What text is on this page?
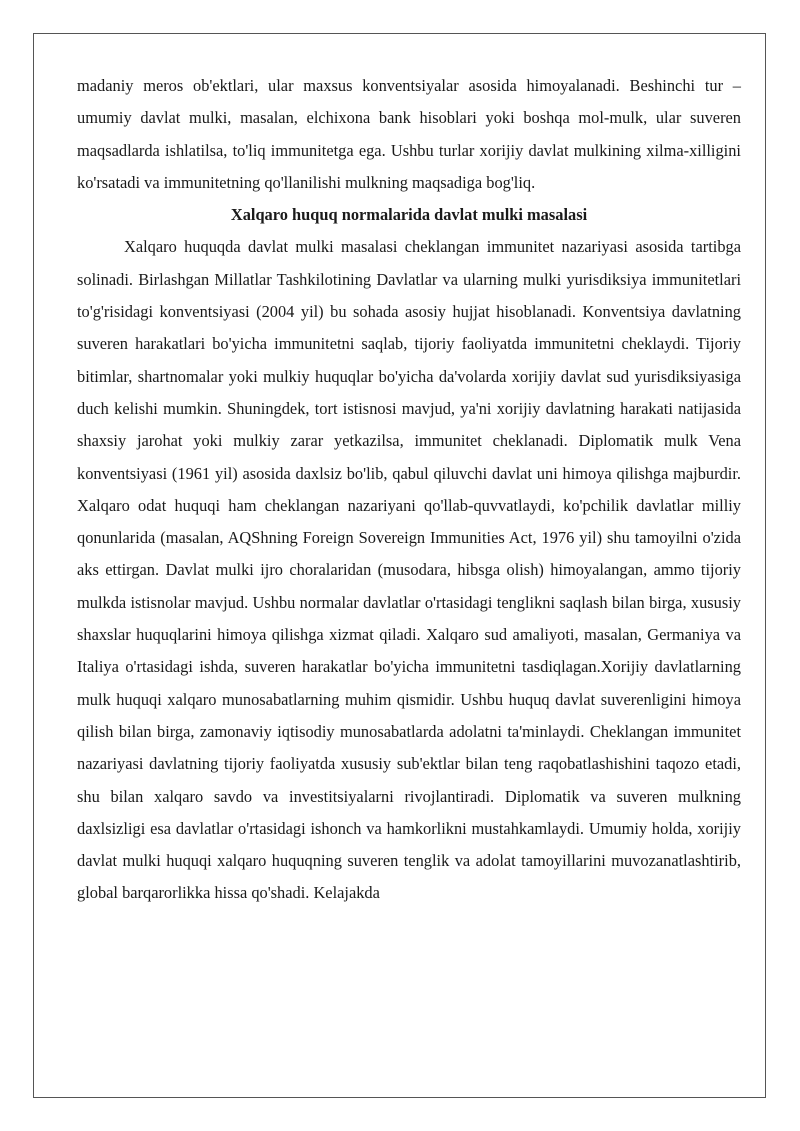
madaniy meros ob'ektlari, ular maxsus konventsiyalar asosida himoyalanadi. Beshinchi tur – umumiy davlat mulki, masalan, elchixona bank hisoblari yoki boshqa mol-mulk, ular suveren maqsadlarda ishlatilsa, to'liq immunitetga ega. Ushbu turlar xorijiy davlat mulkining xilma-xilligini ko'rsatadi va immunitetning qo'llanilishi mulkning maqsadiga bog'liq.

Xalqaro huquq normalarida davlat mulki masalasi

Xalqaro huquqda davlat mulki masalasi cheklangan immunitet nazariyasi asosida tartibga solinadi. Birlashgan Millatlar Tashkilotining Davlatlar va ularning mulki yurisdiksiya immunitetlari to'g'risidagi konventsiyasi (2004 yil) bu sohada asosiy hujjat hisoblanadi. Konventsiya davlatning suveren harakatlari bo'yicha immunitetni saqlab, tijoriy faoliyatda immunitetni cheklaydi. Tijoriy bitimlar, shartnomalar yoki mulkiy huquqlar bo'yicha da'volarda xorijiy davlat sud yurisdiksiyasiga duch kelishi mumkin. Shuningdek, tort istisnosi mavjud, ya'ni xorijiy davlatning harakati natijasida shaxsiy jarohat yoki mulkiy zarar yetkazilsa, immunitet cheklanadi. Diplomatik mulk Vena konventsiyasi (1961 yil) asosida daxlsiz bo'lib, qabul qiluvchi davlat uni himoya qilishga majburdir. Xalqaro odat huquqi ham cheklangan nazariyani qo'llab-quvvatlaydi, ko'pchilik davlatlar milliy qonunlarida (masalan, AQShning Foreign Sovereign Immunities Act, 1976 yil) shu tamoyilni o'zida aks ettirgan. Davlat mulki ijro choralaridan (musodara, hibsga olish) himoyalangan, ammo tijoriy mulkda istisnolar mavjud. Ushbu normalar davlatlar o'rtasidagi tenglikni saqlash bilan birga, xususiy shaxslar huquqlarini himoya qilishga xizmat qiladi. Xalqaro sud amaliyoti, masalan, Germaniya va Italiya o'rtasidagi ishda, suveren harakatlar bo'yicha immunitetni tasdiqlagan.Xorijiy davlatlarning mulk huquqi xalqaro munosabatlarning muhim qismidir. Ushbu huquq davlat suverenligini himoya qilish bilan birga, zamonaviy iqtisodiy munosabatlarda adolatni ta'minlaydi. Cheklangan immunitet nazariyasi davlatning tijoriy faoliyatda xususiy sub'ektlar bilan teng raqobatlashishini taqozo etadi, shu bilan xalqaro savdo va investitsiyalarni rivojlantiradi. Diplomatik va suveren mulkning daxlsizligi esa davlatlar o'rtasidagi ishonch va hamkorlikni mustahkamlaydi. Umumiy holda, xorijiy davlat mulki huquqi xalqaro huquqning suveren tenglik va adolat tamoyillarini muvozanatlashtirib, global barqarorlikka hissa qo'shadi. Kelajakda
